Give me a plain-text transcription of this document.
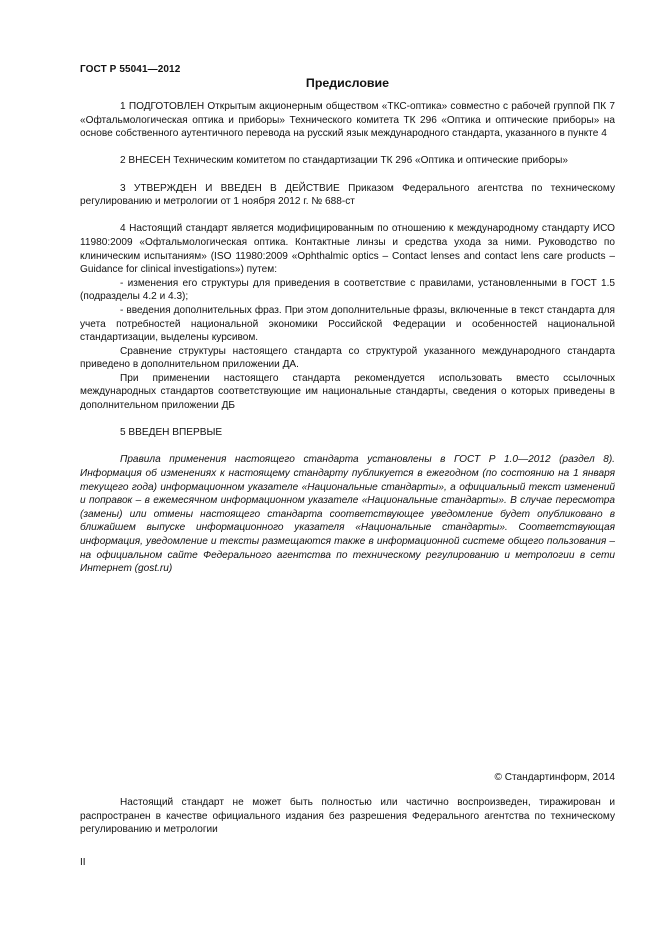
ГОСТ Р 55041—2012
Предисловие

1 ПОДГОТОВЛЕН Открытым акционерным обществом «ТКС-оптика» совместно с рабочей группой ПК 7 «Офтальмологическая оптика и приборы» Технического комитета ТК 296 «Оптика и оптические приборы» на основе собственного аутентичного перевода на русский язык международного стандарта, указанного в пункте 4

2 ВНЕСЕН Техническим комитетом по стандартизации ТК 296 «Оптика и оптические приборы»

3 УТВЕРЖДЕН И ВВЕДЕН В ДЕЙСТВИЕ Приказом Федерального агентства по техническому регулированию и метрологии от 1 ноября 2012 г. № 688-ст

4 Настоящий стандарт является модифицированным по отношению к международному стандарту ИСО 11980:2009 «Офтальмологическая оптика. Контактные линзы и средства ухода за ними. Руководство по клиническим испытаниям» (ISO 11980:2009 «Ophthalmic optics – Contact lenses and contact lens care products – Guidance for clinical investigations») путем:

- изменения его структуры для приведения в соответствие с правилами, установленными в ГОСТ 1.5 (подразделы 4.2 и 4.3);

- введения дополнительных фраз. При этом дополнительные фразы, включенные в текст стандарта для учета потребностей национальной экономики Российской Федерации и особенностей национальной стандартизации, выделены курсивом.

Сравнение структуры настоящего стандарта со структурой указанного международного стандарта приведено в дополнительном приложении ДА.

При применении настоящего стандарта рекомендуется использовать вместо ссылочных международных стандартов соответствующие им национальные стандарты, сведения о которых приведены в дополнительном приложении ДБ

5 ВВЕДЕН ВПЕРВЫЕ

Правила применения настоящего стандарта установлены в ГОСТ Р 1.0—2012 (раздел 8). Информация об изменениях к настоящему стандарту публикуется в ежегодном (по состоянию на 1 января текущего года) информационном указателе «Национальные стандарты», а официальный текст изменений и поправок – в ежемесячном информационном указателе «Национальные стандарты». В случае пересмотра (замены) или отмены настоящего стандарта соответствующее уведомление будет опубликовано в ближайшем выпуске информационного указателя «Национальные стандарты». Соответствующая информация, уведомление и тексты размещаются также в информационной системе общего пользования – на официальном сайте Федерального агентства по техническому регулированию и метрологии в сети Интернет (gost.ru)

© Стандартинформ, 2014

Настоящий стандарт не может быть полностью или частично воспроизведен, тиражирован и распространен в качестве официального издания без разрешения Федерального агентства по техническому регулированию и метрологии

II
